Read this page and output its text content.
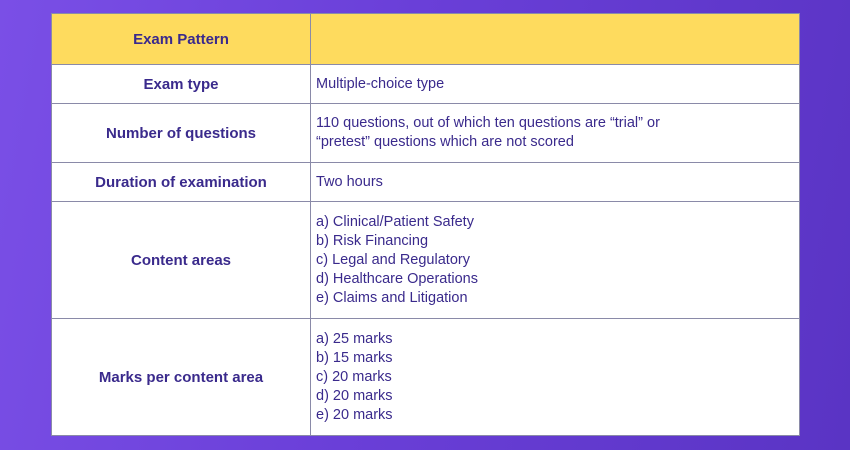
Exam Pattern	
Exam type	Multiple-choice type

Number of questions	110 questions, out of which ten questions are “trial” or
“pretest” questions which are not scored

Duration of examination	Two hours

Content areas	a) Clinical/Patient Safety
b) Risk Financing
c) Legal and Regulatory
d) Healthcare Operations
e) Claims and Litigation

Marks per content area	a) 25 marks
b) 15 marks
c) 20 marks
d) 20 marks
e) 20 marks
